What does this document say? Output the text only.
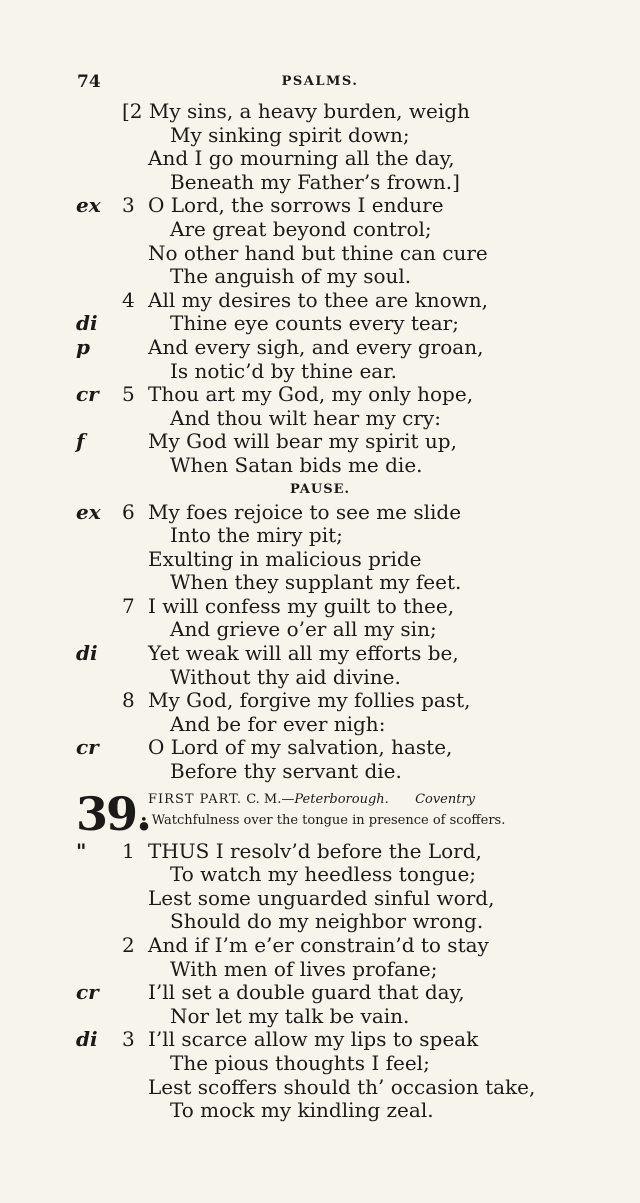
74	PSALMS.
[2 My sins, a heavy burden, weigh
My sinking spirit down;
And I go mourning all the day,
Beneath my Father’s frown.]
ex	3 O Lord, the sorrows I endure
Are great beyond control;
No other hand but thine can cure
The anguish of my soul.
4 All my desires to thee are known,
di	Thine eye counts every tear;
p	And every sigh, and every groan,
Is notic’d by thine ear.
cr	5 Thou art my God, my only hope,
And thou wilt hear my cry:
f	My God will bear my spirit up,
When Satan bids me die.
PAUSE.
ex	6 My foes rejoice to see me slide
Into the miry pit;
Exulting in malicious pride
When they supplant my feet.
7 I will confess my guilt to thee,
And grieve o’er all my sin;
di	Yet weak will all my efforts be,
Without thy aid divine.
8 My God, forgive my follies past,
And be for ever nigh:
cr	O Lord of my salvation, haste,
Before thy servant die.
39.
FIRST PART. C. M.—Peterborough. Coventry
• Watchfulness over the tongue in presence of scoffers.
"	1 THUS I resolv’d before the Lord,
To watch my heedless tongue;
Lest some unguarded sinful word,
Should do my neighbor wrong.
2 And if I’m e’er constrain’d to stay
With men of lives profane;
cr	I’ll set a double guard that day,
Nor let my talk be vain.
di	3 I’ll scarce allow my lips to speak
The pious thoughts I feel;
Lest scoffers should th’ occasion take,
To mock my kindling zeal.
